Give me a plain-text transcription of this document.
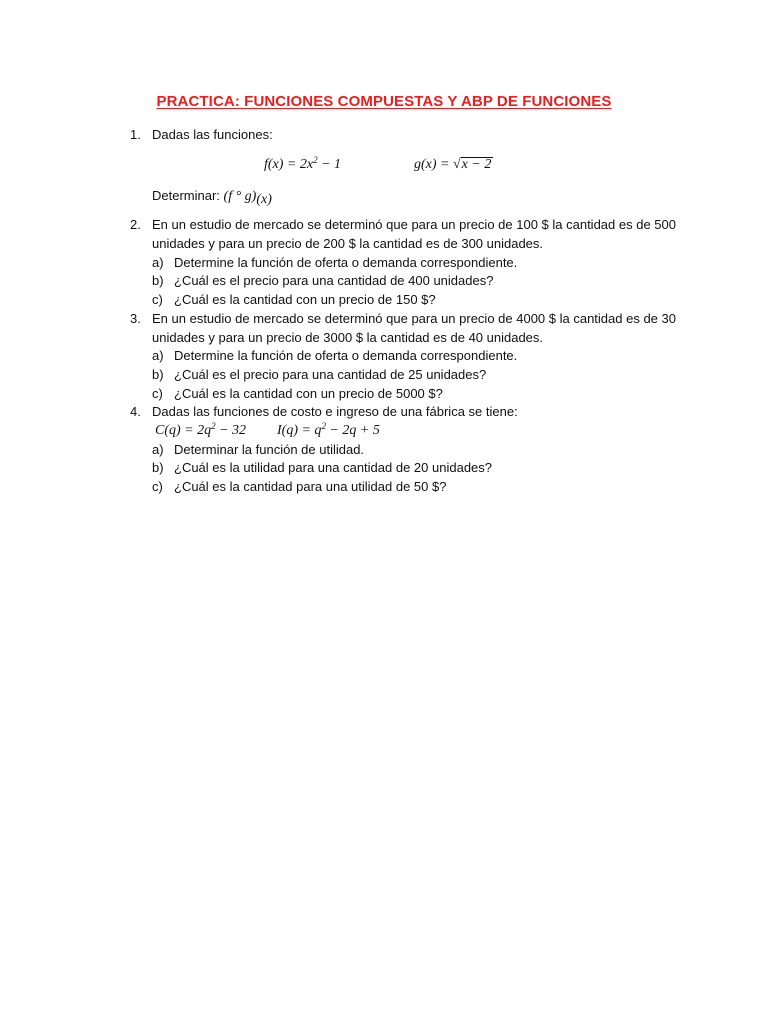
PRACTICA: FUNCIONES COMPUESTAS Y ABP DE FUNCIONES
1. Dadas las funciones:
$f(x) = 2x^2 - 1$	g(x) = √x − 2
Determinar: (f ° $g)_{(x)}$
2. En un estudio de mercado se determinó que para un precio de 100 $ la cantidad es de 500
unidades y para un precio de 200 $ la cantidad es de 300 unidades.
a) Determine la función de oferta o demanda correspondiente.
b) ¿Cuál es el precio para una cantidad de 400 unidades?
c) ¿Cuál es la cantidad con un precio de 150 $?
3. En un estudio de mercado se determinó que para un precio de 4000 $ la cantidad es de 30
unidades y para un precio de 3000 $ la cantidad es de 40 unidades.
a) Determine la función de oferta o demanda correspondiente.
b) ¿Cuál es el precio para una cantidad de 25 unidades?
c) ¿Cuál es la cantidad con un precio de 5000 $?
4. Dadas las funciones de costo e ingreso de una fábrica se tiene:
$C(q) = 2q^2 - 32$ $I(q) = q^2 - 2q + 5$
a) Determinar la función de utilidad.
b) ¿Cuál es la utilidad para una cantidad de 20 unidades?
c) ¿Cuál es la cantidad para una utilidad de 50 $?
